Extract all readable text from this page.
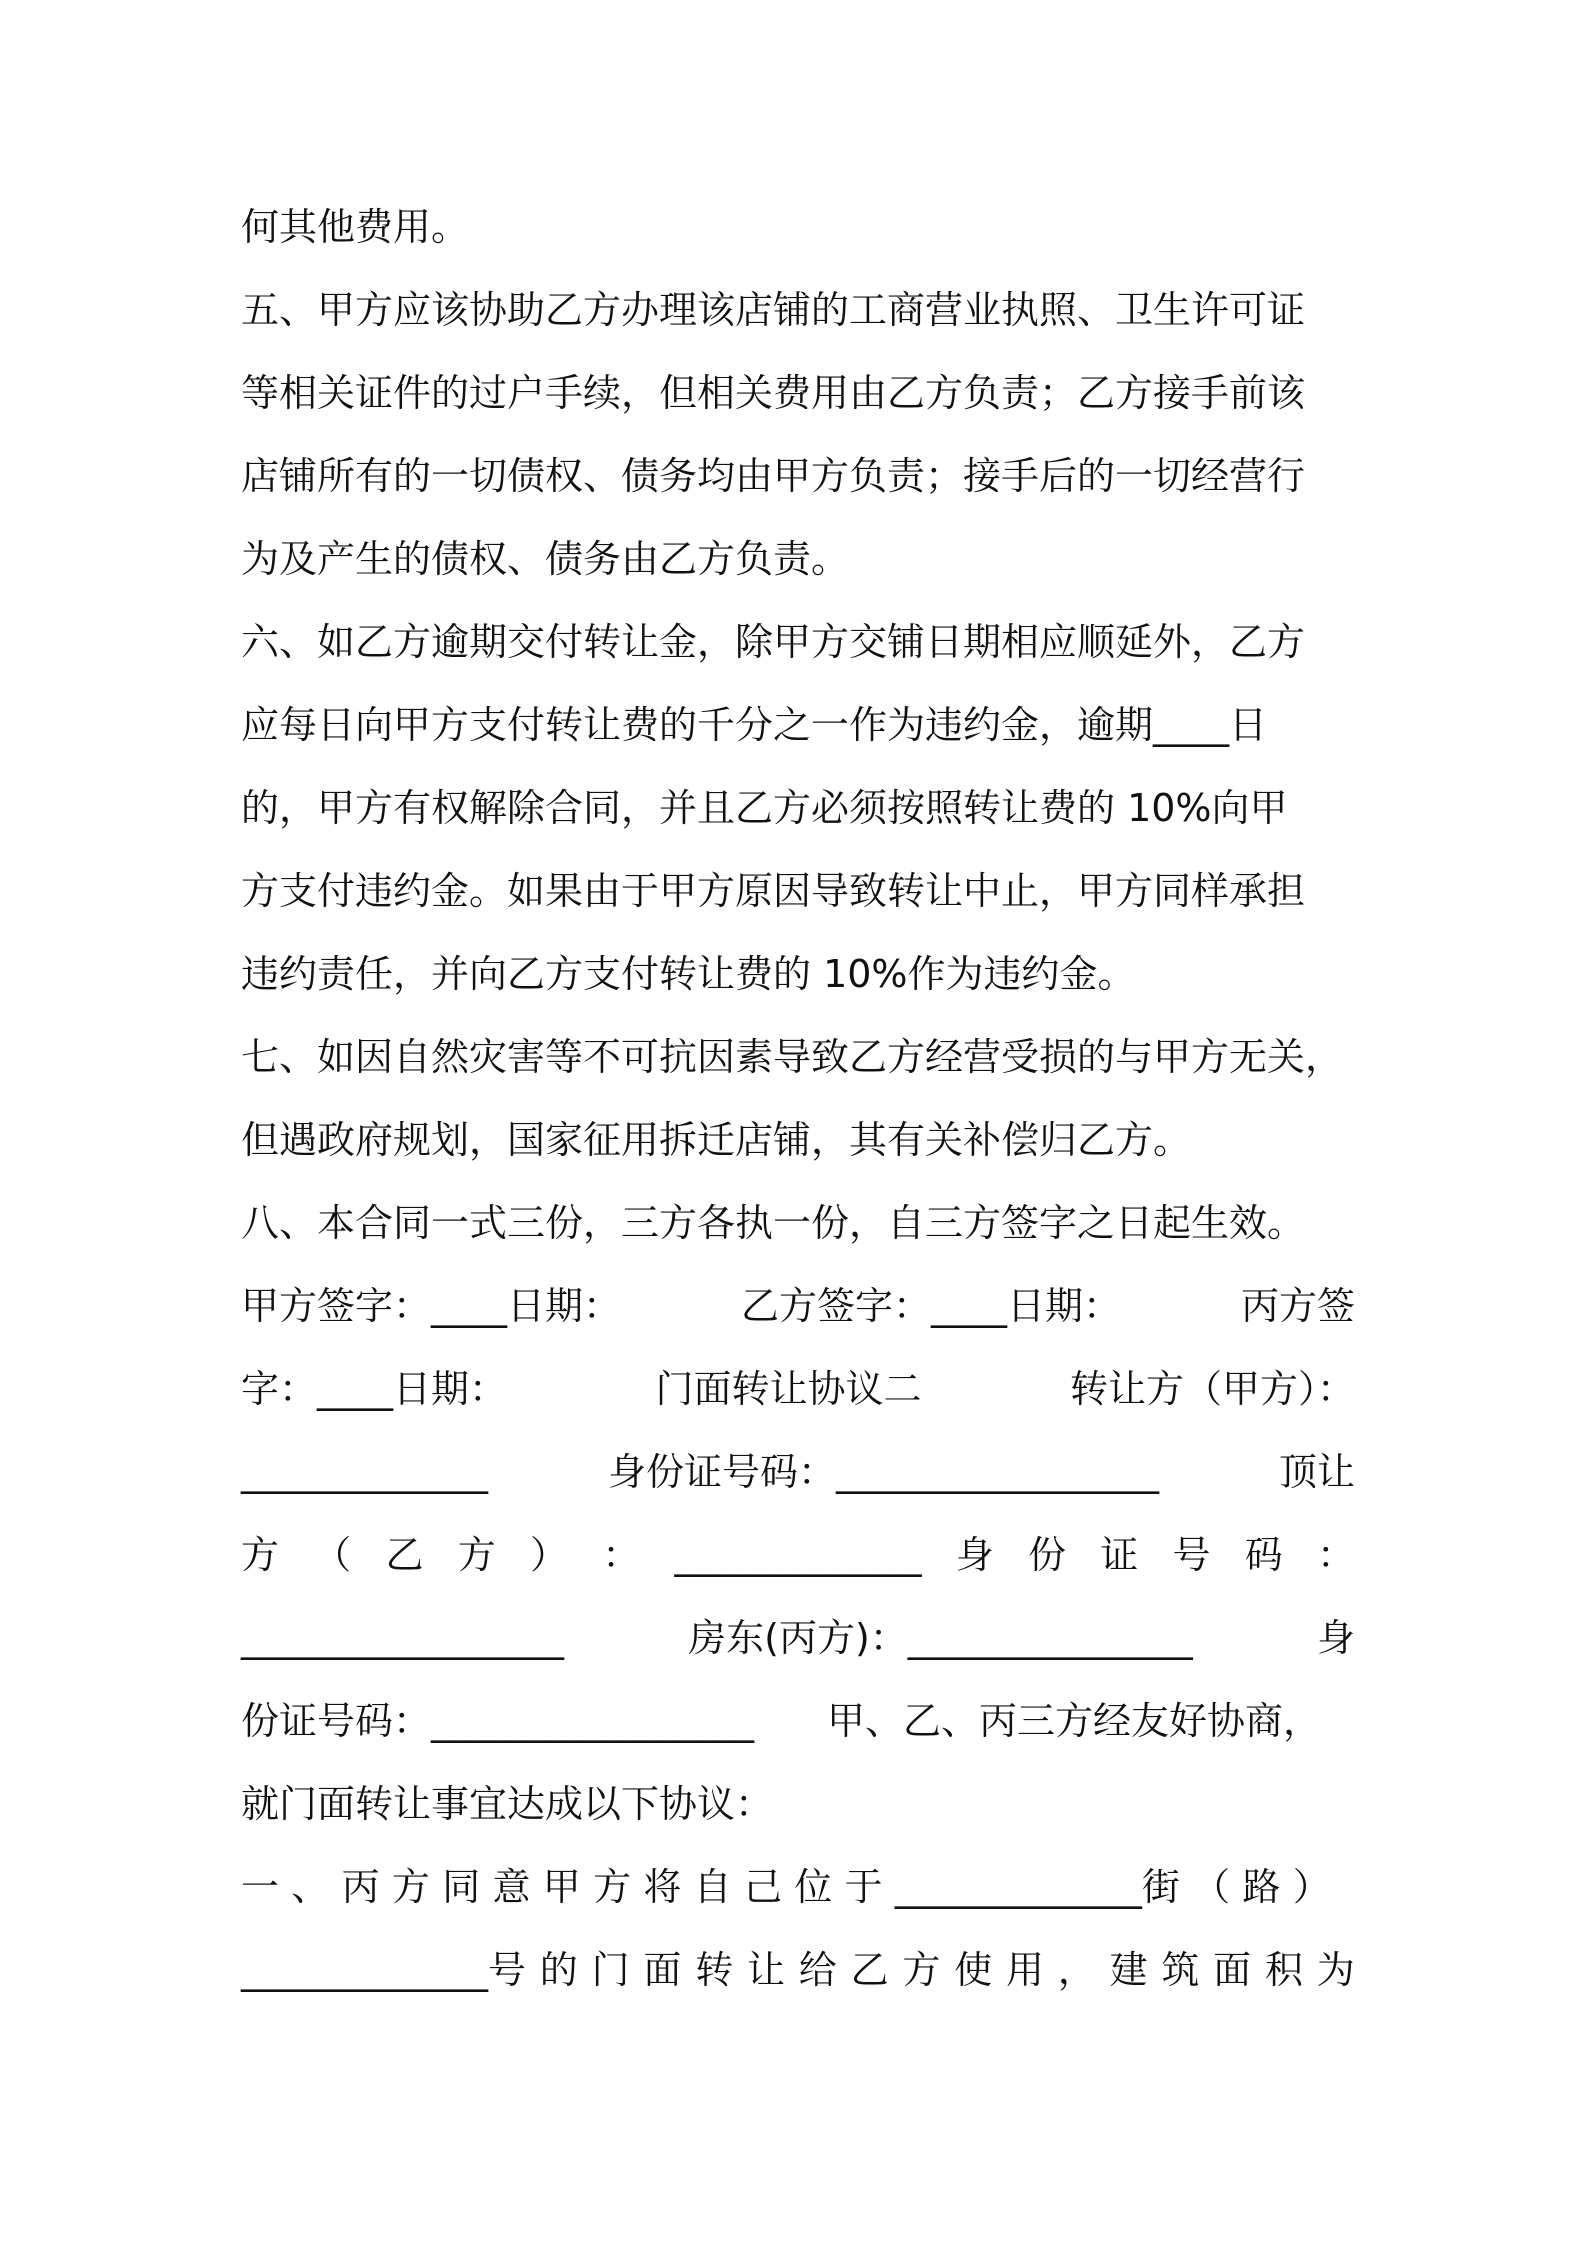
何其他费用。
五、甲方应该协助乙方办理该店铺的工商营业执照、卫生许可证
等相关证件的过户手续，但相关费用由乙方负责；乙方接手前该
店铺所有的一切债权、债务均由甲方负责；接手后的一切经营行
为及产生的债权、债务由乙方负责。
六、如乙方逾期交付转让金，除甲方交铺日期相应顺延外，乙方
应每日向甲方支付转让费的千分之一作为违约金，逾期____日
的，甲方有权解除合同，并且乙方必须按照转让费的 10%向甲
方支付违约金。如果由于甲方原因导致转让中止，甲方同样承担
违约责任，并向乙方支付转让费的 10%作为违约金。
七、如因自然灾害等不可抗因素导致乙方经营受损的与甲方无关，
但遇政府规划，国家征用拆迁店铺，其有关补偿归乙方。
八、本合同一式三份，三方各执一份，自三方签字之日起生效。
甲方签字：____日期：	乙方签字：____日期：	丙方签
字：____日期：	门面转让协议二	转让方（甲方）：
_____________	身份证号码：_________________	顶让
方 （ 乙 方 ） ： _____________ 身 份 证 号 码 ：
_________________	房东(丙方)：_______________	身
份证号码：_________________ 甲、乙、丙三方经友好协商，
就门面转让事宜达成以下协议：
一 、 丙 方 同 意 甲 方 将 自 己 位 于 _____________街 （ 路 ）
_____________号 的 门 面 转 让 给 乙 方 使 用 ， 建 筑 面 积 为
